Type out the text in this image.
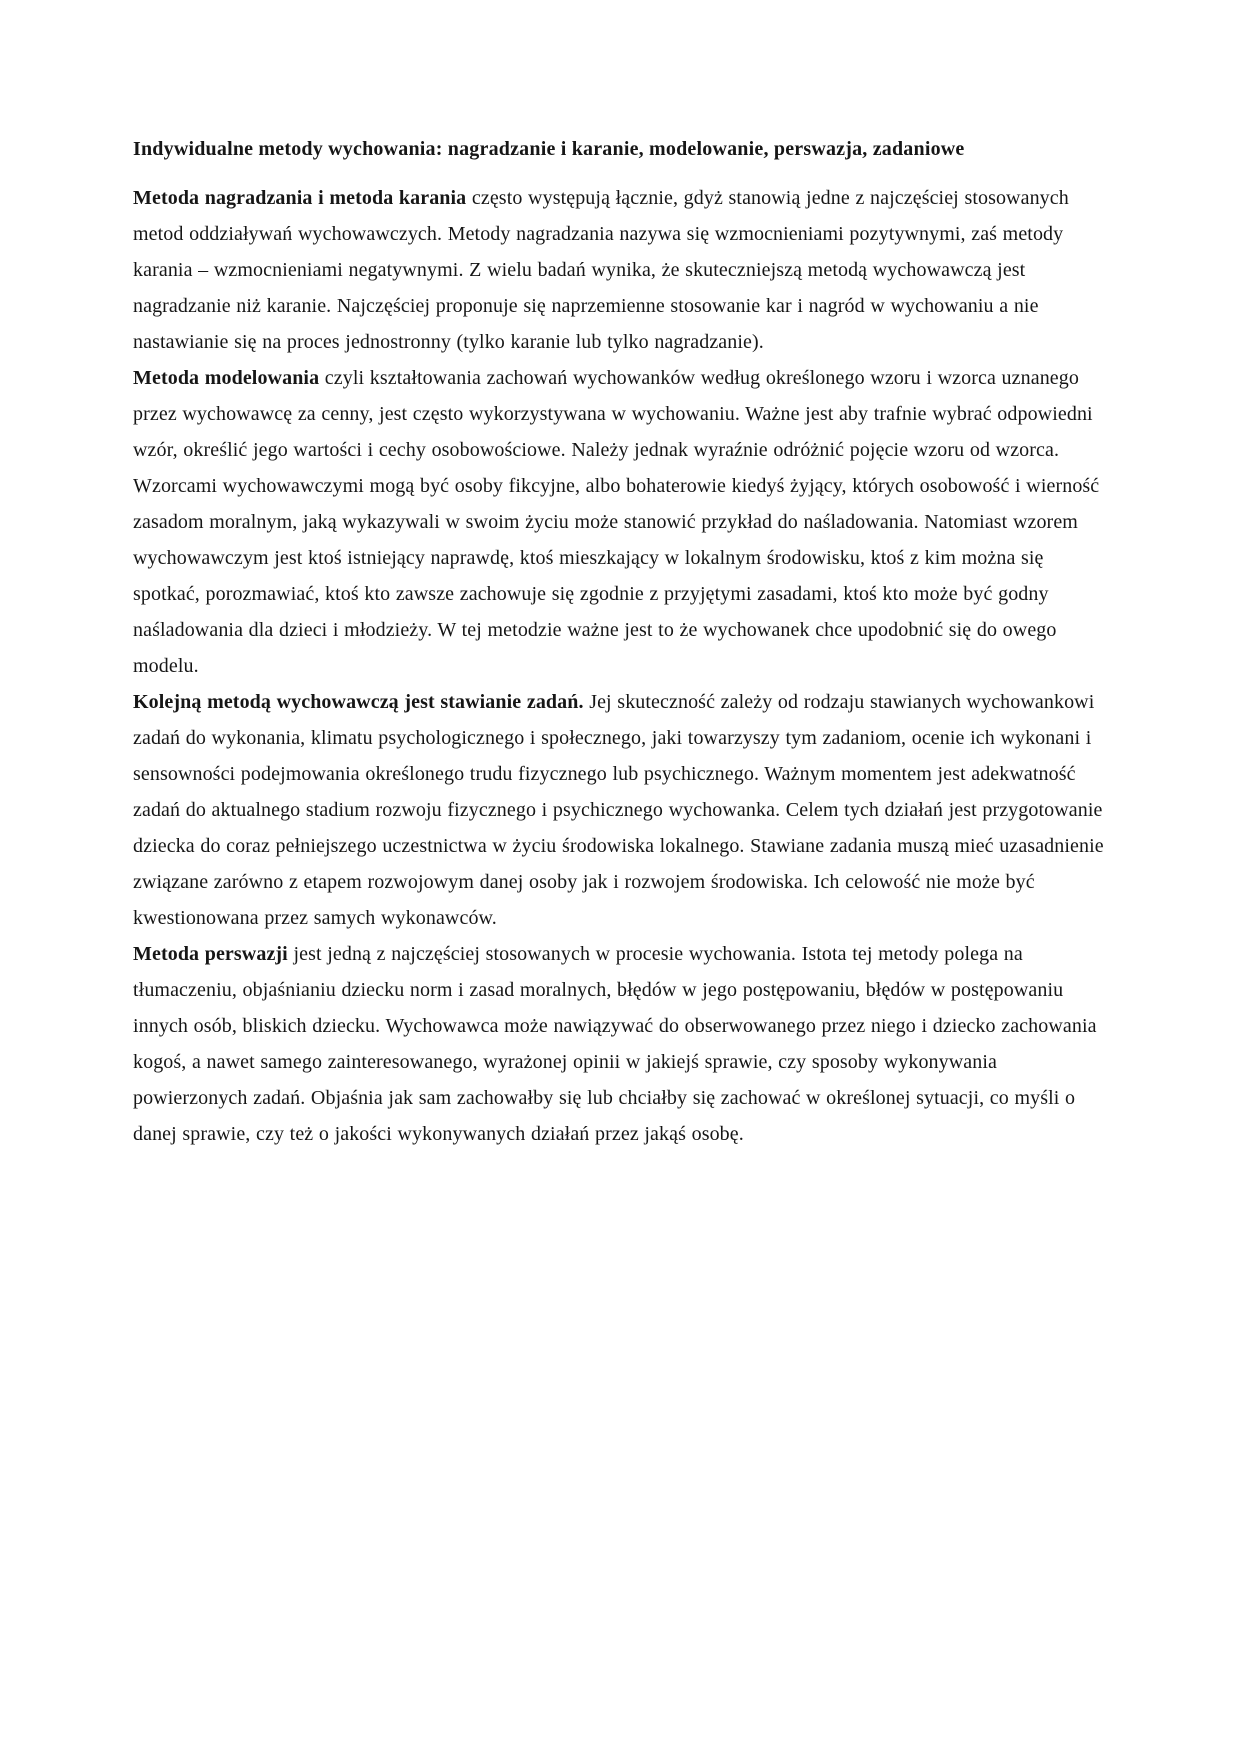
Indywidualne metody wychowania: nagradzanie i karanie, modelowanie, perswazja, zadaniowe

Metoda nagradzania i metoda karania często występują łącznie, gdyż stanowią jedne z najczęściej stosowanych metod oddziaływań wychowawczych. Metody nagradzania nazywa się wzmocnieniami pozytywnymi, zaś metody karania – wzmocnieniami negatywnymi. Z wielu badań wynika, że skuteczniejszą metodą wychowawczą jest nagradzanie niż karanie. Najczęściej proponuje się naprzemienne stosowanie kar i nagród w wychowaniu a nie nastawianie się na proces jednostronny (tylko karanie lub tylko nagradzanie).

Metoda modelowania czyli kształtowania zachowań wychowanków według określonego wzoru i wzorca uznanego przez wychowawcę za cenny, jest często wykorzystywana w wychowaniu. Ważne jest aby trafnie wybrać odpowiedni wzór, określić jego wartości i cechy osobowościowe. Należy jednak wyraźnie odróżnić pojęcie wzoru od wzorca. Wzorcami wychowawczymi mogą być osoby fikcyjne, albo bohaterowie kiedyś żyjący, których osobowość i wierność zasadom moralnym, jaką wykazywali w swoim życiu może stanowić przykład do naśladowania. Natomiast wzorem wychowawczym jest ktoś istniejący naprawdę, ktoś mieszkający w lokalnym środowisku, ktoś z kim można się spotkać, porozmawiać, ktoś kto zawsze zachowuje się zgodnie z przyjętymi zasadami, ktoś kto może być godny naśladowania dla dzieci i młodzieży. W tej metodzie ważne jest to że wychowanek chce upodobnić się do owego modelu.

Kolejną metodą wychowawczą jest stawianie zadań. Jej skuteczność zależy od rodzaju stawianych wychowankowi zadań do wykonania, klimatu psychologicznego i społecznego, jaki towarzyszy tym zadaniom, ocenie ich wykonani i sensowności podejmowania określonego trudu fizycznego lub psychicznego. Ważnym momentem jest adekwatność zadań do aktualnego stadium rozwoju fizycznego i psychicznego wychowanka. Celem tych działań jest przygotowanie dziecka do coraz pełniejszego uczestnictwa w życiu środowiska lokalnego. Stawiane zadania muszą mieć uzasadnienie związane zarówno z etapem rozwojowym danej osoby jak i rozwojem środowiska. Ich celowość nie może być kwestionowana przez samych wykonawców.

Metoda perswazji jest jedną z najczęściej stosowanych w procesie wychowania. Istota tej metody polega na tłumaczeniu, objaśnianiu dziecku norm i zasad moralnych, błędów w jego postępowaniu, błędów w postępowaniu innych osób, bliskich dziecku. Wychowawca może nawiązywać do obserwowanego przez niego i dziecko zachowania kogoś, a nawet samego zainteresowanego, wyrażonej opinii w jakiejś sprawie, czy sposoby wykonywania powierzonych zadań. Objaśnia jak sam zachowałby się lub chciałby się zachować w określonej sytuacji, co myśli o danej sprawie, czy też o jakości wykonywanych działań przez jakąś osobę.
